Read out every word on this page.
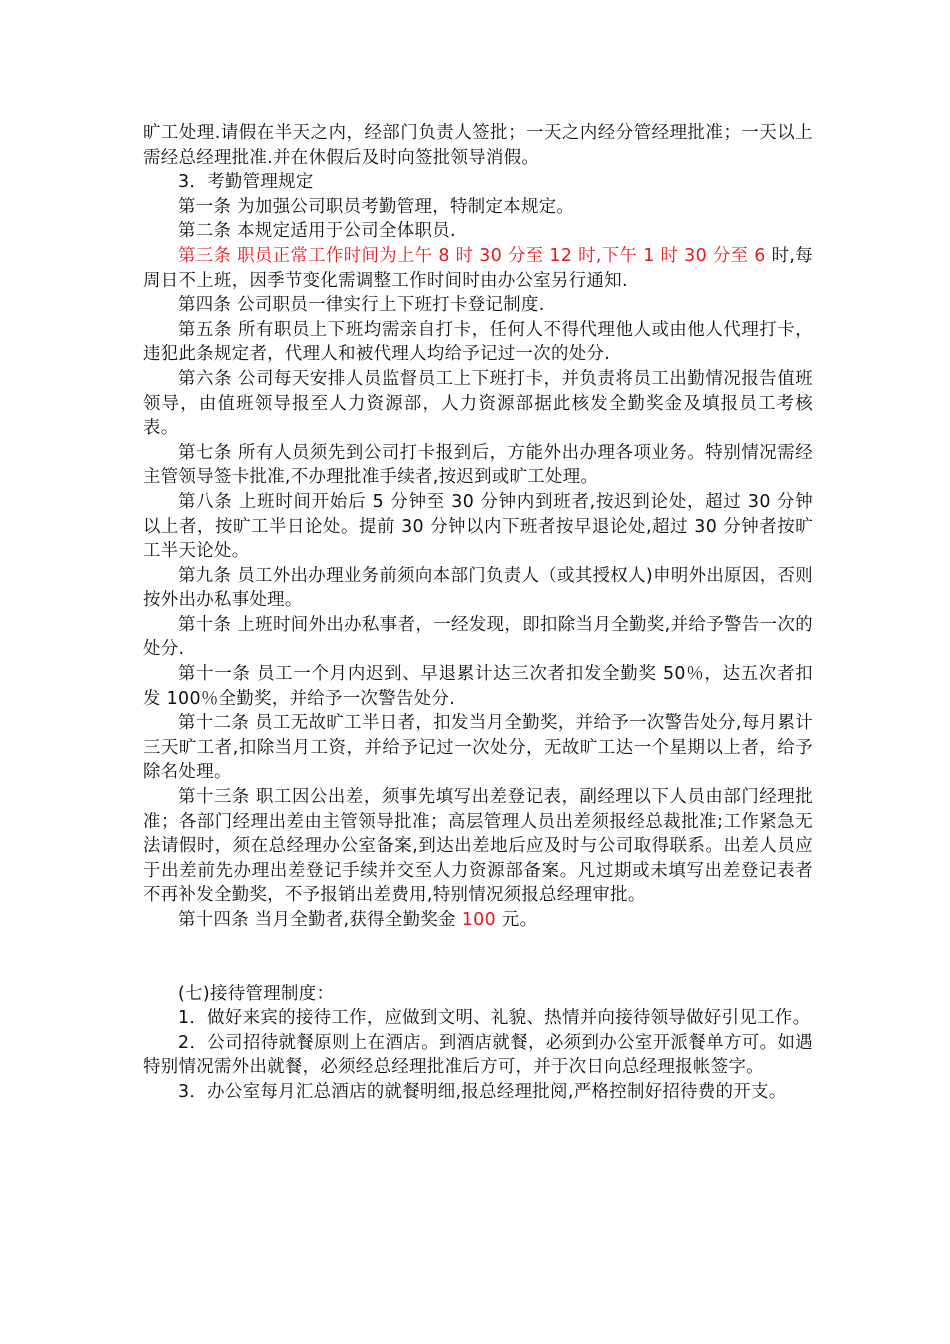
旷工处理.请假在半天之内，经部门负责人签批；一天之内经分管经理批准；一天以上需经总经理批准.并在休假后及时向签批领导消假。

3．考勤管理规定

第一条 为加强公司职员考勤管理，特制定本规定。

第二条 本规定适用于公司全体职员.

第三条 职员正常工作时间为上午 8 时 30 分至 12 时,下午 1 时 30 分至 6 时,每周日不上班，因季节变化需调整工作时间时由办公室另行通知.

第四条 公司职员一律实行上下班打卡登记制度.

第五条 所有职员上下班均需亲自打卡，任何人不得代理他人或由他人代理打卡，违犯此条规定者，代理人和被代理人均给予记过一次的处分.

第六条 公司每天安排人员监督员工上下班打卡，并负责将员工出勤情况报告值班领导，由值班领导报至人力资源部，人力资源部据此核发全勤奖金及填报员工考核表。

第七条 所有人员须先到公司打卡报到后，方能外出办理各项业务。特别情况需经主管领导签卡批准,不办理批准手续者,按迟到或旷工处理。

第八条 上班时间开始后 5 分钟至 30 分钟内到班者,按迟到论处，超过 30 分钟以上者，按旷工半日论处。提前 30 分钟以内下班者按早退论处,超过 30 分钟者按旷工半天论处。

第九条 员工外出办理业务前须向本部门负责人（或其授权人)申明外出原因，否则按外出办私事处理。

第十条 上班时间外出办私事者，一经发现，即扣除当月全勤奖,并给予警告一次的处分.

第十一条 员工一个月内迟到、早退累计达三次者扣发全勤奖 50％，达五次者扣发 100％全勤奖，并给予一次警告处分.

第十二条 员工无故旷工半日者，扣发当月全勤奖，并给予一次警告处分,每月累计三天旷工者,扣除当月工资，并给予记过一次处分，无故旷工达一个星期以上者，给予除名处理。

第十三条 职工因公出差，须事先填写出差登记表，副经理以下人员由部门经理批准；各部门经理出差由主管领导批准；高层管理人员出差须报经总裁批准;工作紧急无法请假时，须在总经理办公室备案,到达出差地后应及时与公司取得联系。出差人员应于出差前先办理出差登记手续并交至人力资源部备案。凡过期或未填写出差登记表者不再补发全勤奖，不予报销出差费用,特别情况须报总经理审批。

第十四条 当月全勤者,获得全勤奖金 100 元。

(七)接待管理制度：

1．做好来宾的接待工作，应做到文明、礼貌、热情并向接待领导做好引见工作。

2．公司招待就餐原则上在酒店。到酒店就餐，必须到办公室开派餐单方可。如遇特别情况需外出就餐，必须经总经理批准后方可，并于次日向总经理报帐签字。

3．办公室每月汇总酒店的就餐明细,报总经理批阅,严格控制好招待费的开支。
